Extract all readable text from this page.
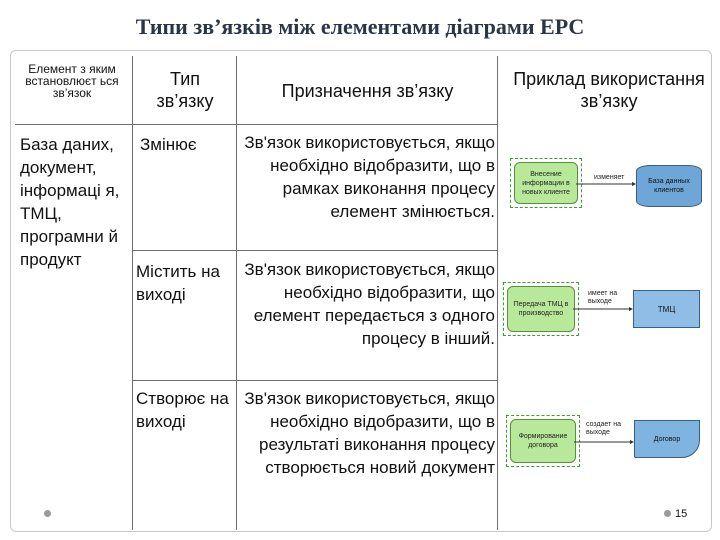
Типи зв’язків між елементами діаграми ЕРС
Елемент з яким встановлюєт ься зв’язок
Тип зв’язку	Призначення зв’язку
Приклад використання зв’язку
База даних, документ, інформаці я, ТМЦ, програмни й продукт
Змінює	Зв'язок використовується, якщо необхідно відобразити, що в рамках виконання процесу елемент змінюється.
Містить на виході
Зв'язок використовується, якщо необхідно відобразити, що елемент передається з одного процесу в інший.
Створює на виході
Зв'язок використовується, якщо необхідно відобразити, що в результаті виконання процесу створюється новий документ
Внесение информации в новых клиенте
изменяет
База данных клиентов
Передача ТМЦ в производство
имеет на выходе
ТМЦ
Формирование договора
создает на выходе
Договор
15
